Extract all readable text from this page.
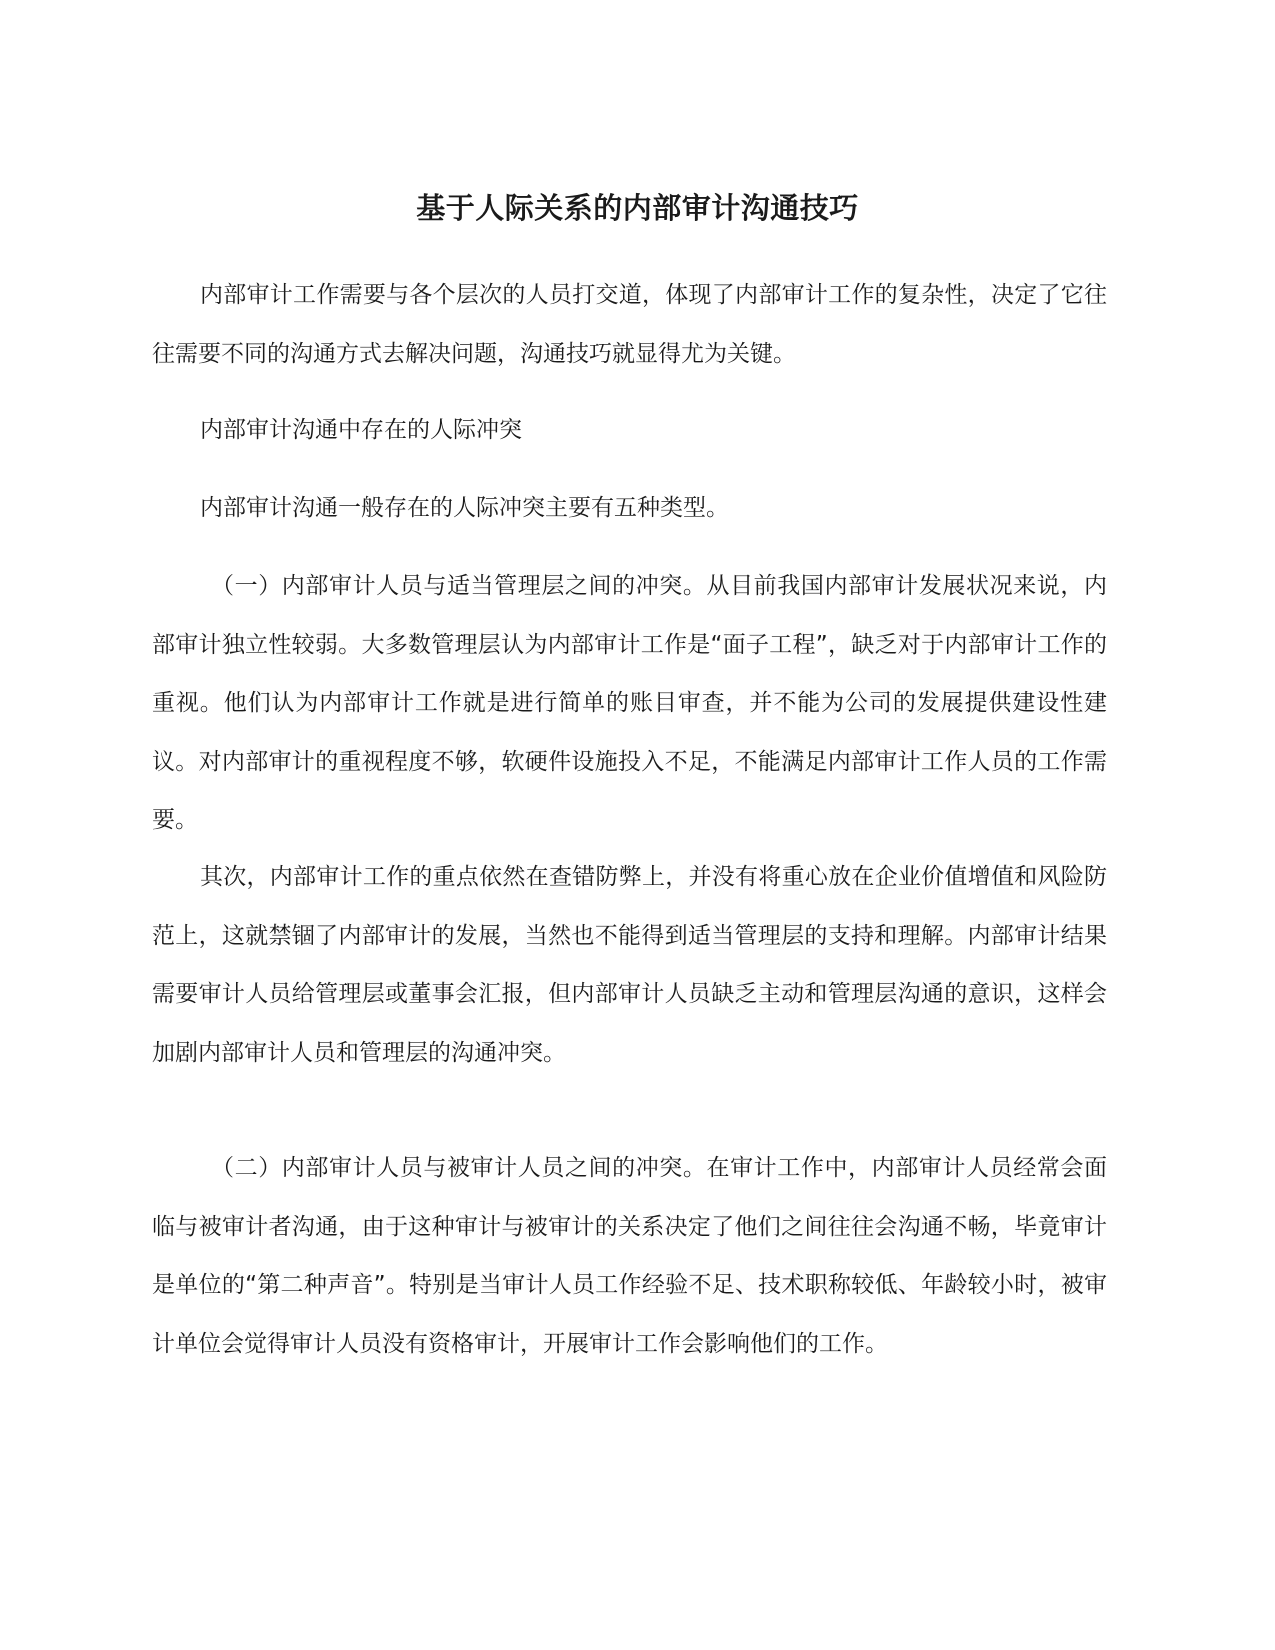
基于人际关系的内部审计沟通技巧

内部审计工作需要与各个层次的人员打交道，体现了内部审计工作的复杂性，决定了它往往需要不同的沟通方式去解决问题，沟通技巧就显得尤为关键。

内部审计沟通中存在的人际冲突

内部审计沟通一般存在的人际冲突主要有五种类型。

（一）内部审计人员与适当管理层之间的冲突。从目前我国内部审计发展状况来说，内部审计独立性较弱。大多数管理层认为内部审计工作是“面子工程”，缺乏对于内部审计工作的重视。他们认为内部审计工作就是进行简单的账目审查，并不能为公司的发展提供建设性建议。对内部审计的重视程度不够，软硬件设施投入不足，不能满足内部审计工作人员的工作需要。

其次，内部审计工作的重点依然在查错防弊上，并没有将重心放在企业价值增值和风险防范上，这就禁锢了内部审计的发展，当然也不能得到适当管理层的支持和理解。内部审计结果需要审计人员给管理层或董事会汇报，但内部审计人员缺乏主动和管理层沟通的意识，这样会加剧内部审计人员和管理层的沟通冲突。

（二）内部审计人员与被审计人员之间的冲突。在审计工作中，内部审计人员经常会面临与被审计者沟通，由于这种审计与被审计的关系决定了他们之间往往会沟通不畅，毕竟审计是单位的“第二种声音”。特别是当审计人员工作经验不足、技术职称较低、年龄较小时，被审计单位会觉得审计人员没有资格审计，开展审计工作会影响他们的工作。
